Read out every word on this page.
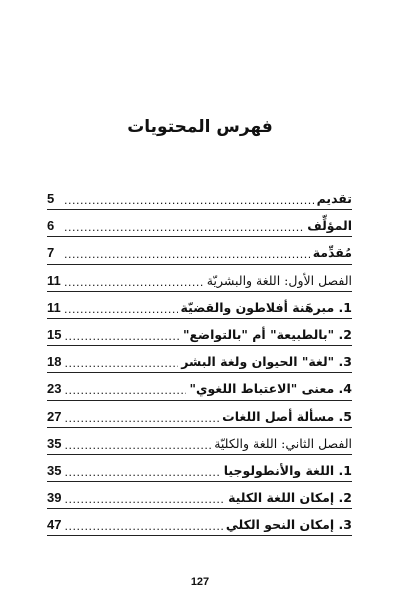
فهرس المحتويات
تقديم
.....
5
المؤلِّف
.....
6
مُقدِّمة
.....
7
الفصل الأول: اللغة والبشريّة
.....
11
1. مبرهَنة أفلاطون والقضيّة
.....
11
2. "بالطبيعة" أم "بالتواضع"
.....
15
3. "لغة" الحيوان ولغة البشر
.....
18
4. معنى "الاعتباط اللغوي"
.....
23
5. مسألة أصل اللغات
.....
27
الفصل الثاني: اللغة والكليّة
.....
35
1. اللغة والأنطولوجيا
.....
35
2. إمكان اللغة الكلية
.....
39
3. إمكان النحو الكلي
.....
47
127
